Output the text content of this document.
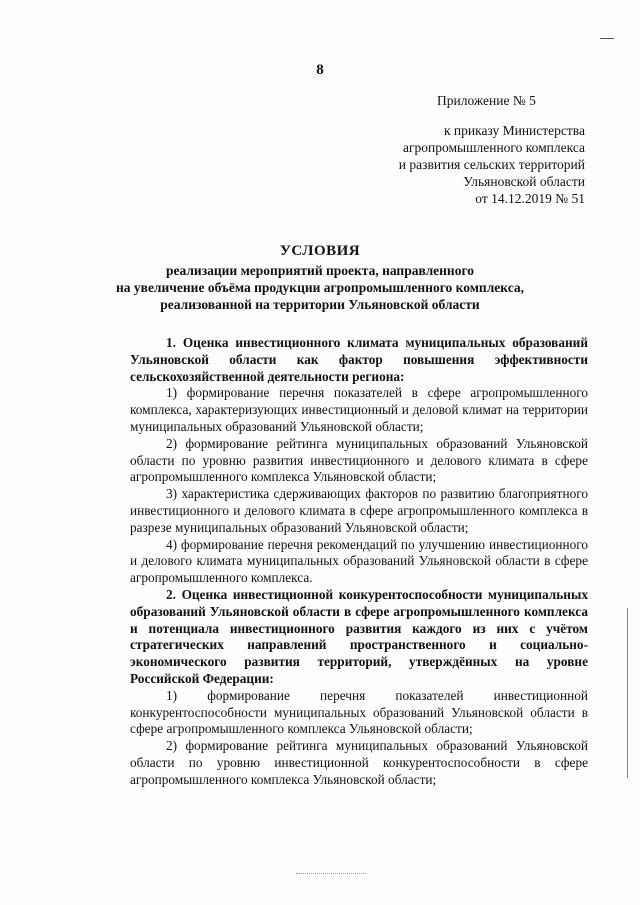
8
Приложение № 5
к приказу Министерства
агропромышленного комплекса
и развития сельских территорий
Ульяновской области
от 14.12.2019 № 51
УСЛОВИЯ
реализации мероприятий проекта, направленного
на увеличение объёма продукции агропромышленного комплекса,
реализованной на территории Ульяновской области

1. Оценка инвестиционного климата муниципальных образований Ульяновской области как фактор повышения эффективности сельскохозяйственной деятельности региона:

1) формирование перечня показателей в сфере агропромышленного комплекса, характеризующих инвестиционный и деловой климат на территории муниципальных образований Ульяновской области;

2) формирование рейтинга муниципальных образований Ульяновской области по уровню развития инвестиционного и делового климата в сфере агропромышленного комплекса Ульяновской области;

3) характеристика сдерживающих факторов по развитию благоприятного инвестиционного и делового климата в сфере агропромышленного комплекса в разрезе муниципальных образований Ульяновской области;

4) формирование перечня рекомендаций по улучшению инвестиционного и делового климата муниципальных образований Ульяновской области в сфере агропромышленного комплекса.

2. Оценка инвестиционной конкурентоспособности муниципальных образований Ульяновской области в сфере агропромышленного комплекса и потенциала инвестиционного развития каждого из них с учётом стратегических направлений пространственного и социально-экономического развития территорий, утверждённых на уровне Российской Федерации:

1) формирование перечня показателей инвестиционной конкурентоспособности муниципальных образований Ульяновской области в сфере агропромышленного комплекса Ульяновской области;

2) формирование рейтинга муниципальных образований Ульяновской области по уровню инвестиционной конкурентоспособности в сфере агропромышленного комплекса Ульяновской области;
